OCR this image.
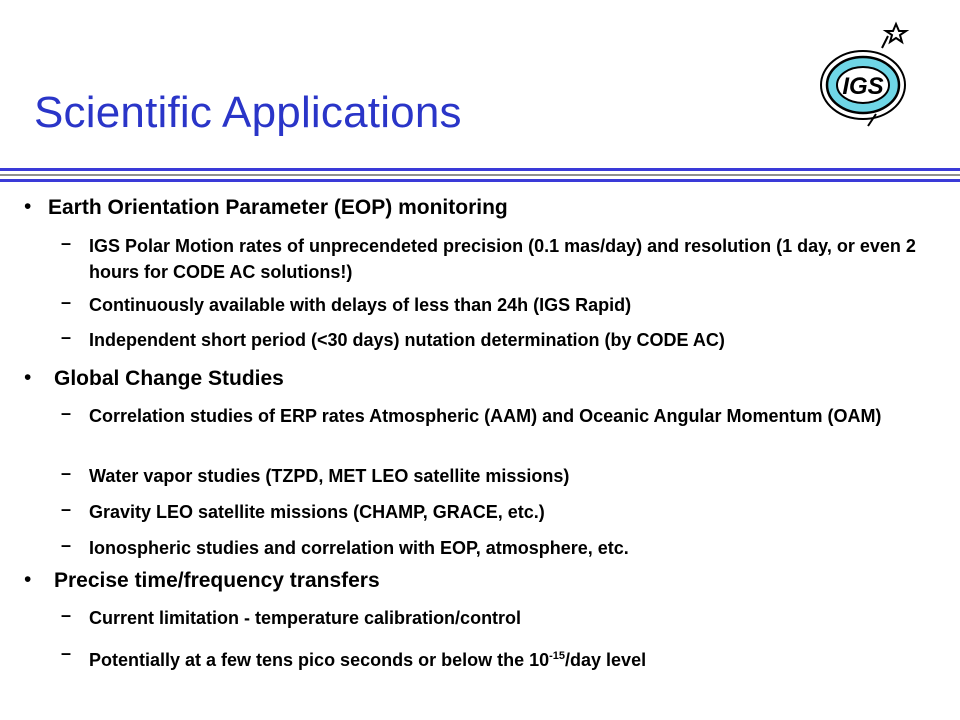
Scientific Applications
IGS
• Earth Orientation Parameter (EOP) monitoring

– IGS Polar Motion rates of unprecendeted precision (0.1 mas/day) and resolution (1 day, or even 2 hours for CODE AC solutions!)

– Continuously available with delays of less than 24h (IGS Rapid)

– Independent short period (<30 days) nutation determination (by CODE AC)

• Global Change Studies

– Correlation studies of ERP rates Atmospheric (AAM) and Oceanic Angular Momentum (OAM)

– Water vapor studies (TZPD, MET LEO satellite missions)

– Gravity LEO satellite missions (CHAMP, GRACE, etc.)

– Ionospheric studies and correlation with EOP, atmosphere, etc.

• Precise time/frequency transfers

– Current limitation - temperature calibration/control

– Potentially at a few tens pico seconds or below the $10^{-15}$/day level
